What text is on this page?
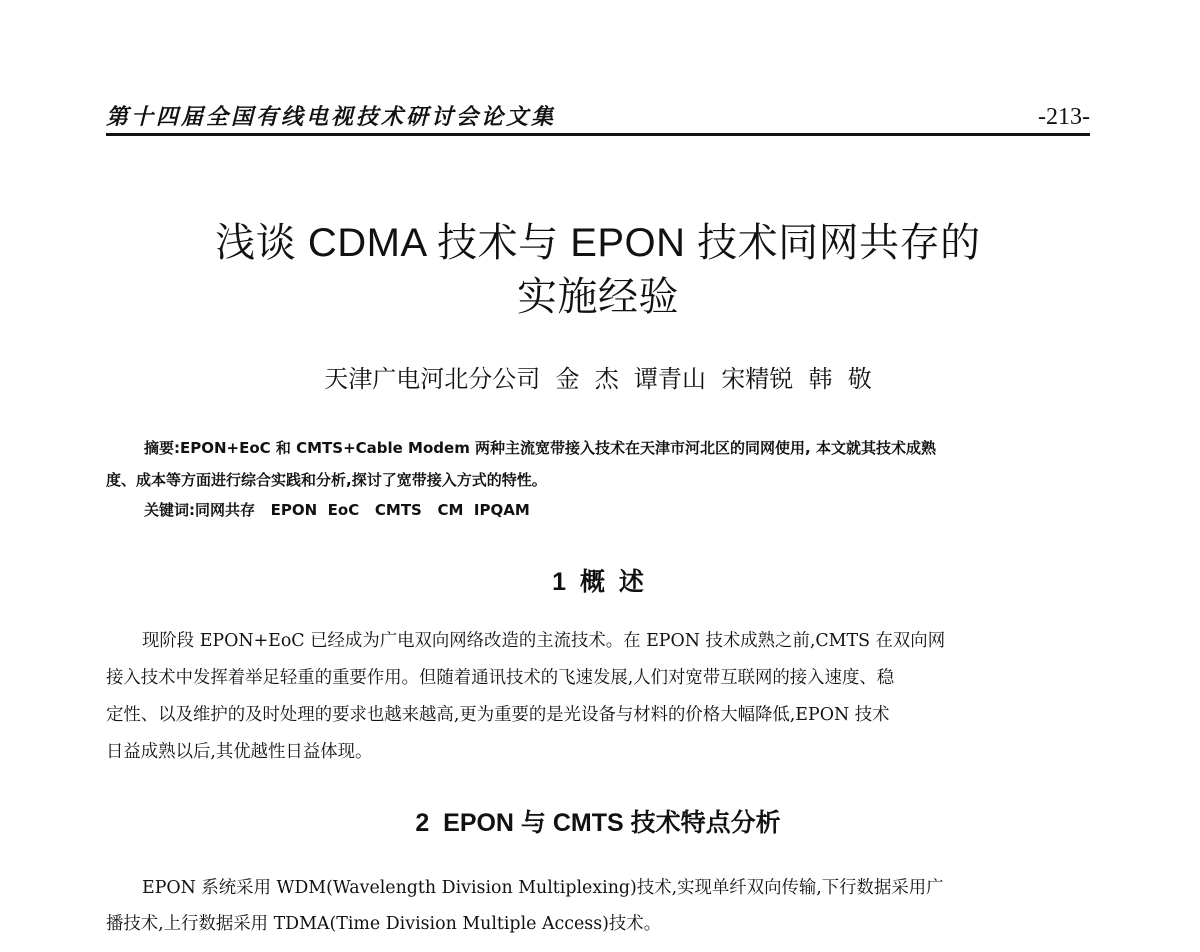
第十四届全国有线电视技术研讨会论文集	-213-
浅谈 CDMA 技术与 EPON 技术同网共存的
实施经验
天津广电河北分公司  金  杰  谭青山  宋精锐  韩  敬
摘要:EPON+EoC 和 CMTS+Cable Modem 两种主流宽带接入技术在天津市河北区的同网使用, 本文就其技术成熟
度、成本等方面进行综合实践和分析,探讨了宽带接入方式的特性。
关键词:同网共存   EPON  EoC   CMTS   CM  IPQAM
1  概  述
现阶段 EPON+EoC 已经成为广电双向网络改造的主流技术。在 EPON 技术成熟之前,CMTS 在双向网
接入技术中发挥着举足轻重的重要作用。但随着通讯技术的飞速发展,人们对宽带互联网的接入速度、稳
定性、以及维护的及时处理的要求也越来越高,更为重要的是光设备与材料的价格大幅降低,EPON 技术
日益成熟以后,其优越性日益体现。
2  EPON 与 CMTS 技术特点分析
EPON 系统采用 WDM(Wavelength Division Multiplexing)技术,实现单纤双向传输,下行数据采用广
播技术,上行数据采用 TDMA(Time Division Multiple Access)技术。
